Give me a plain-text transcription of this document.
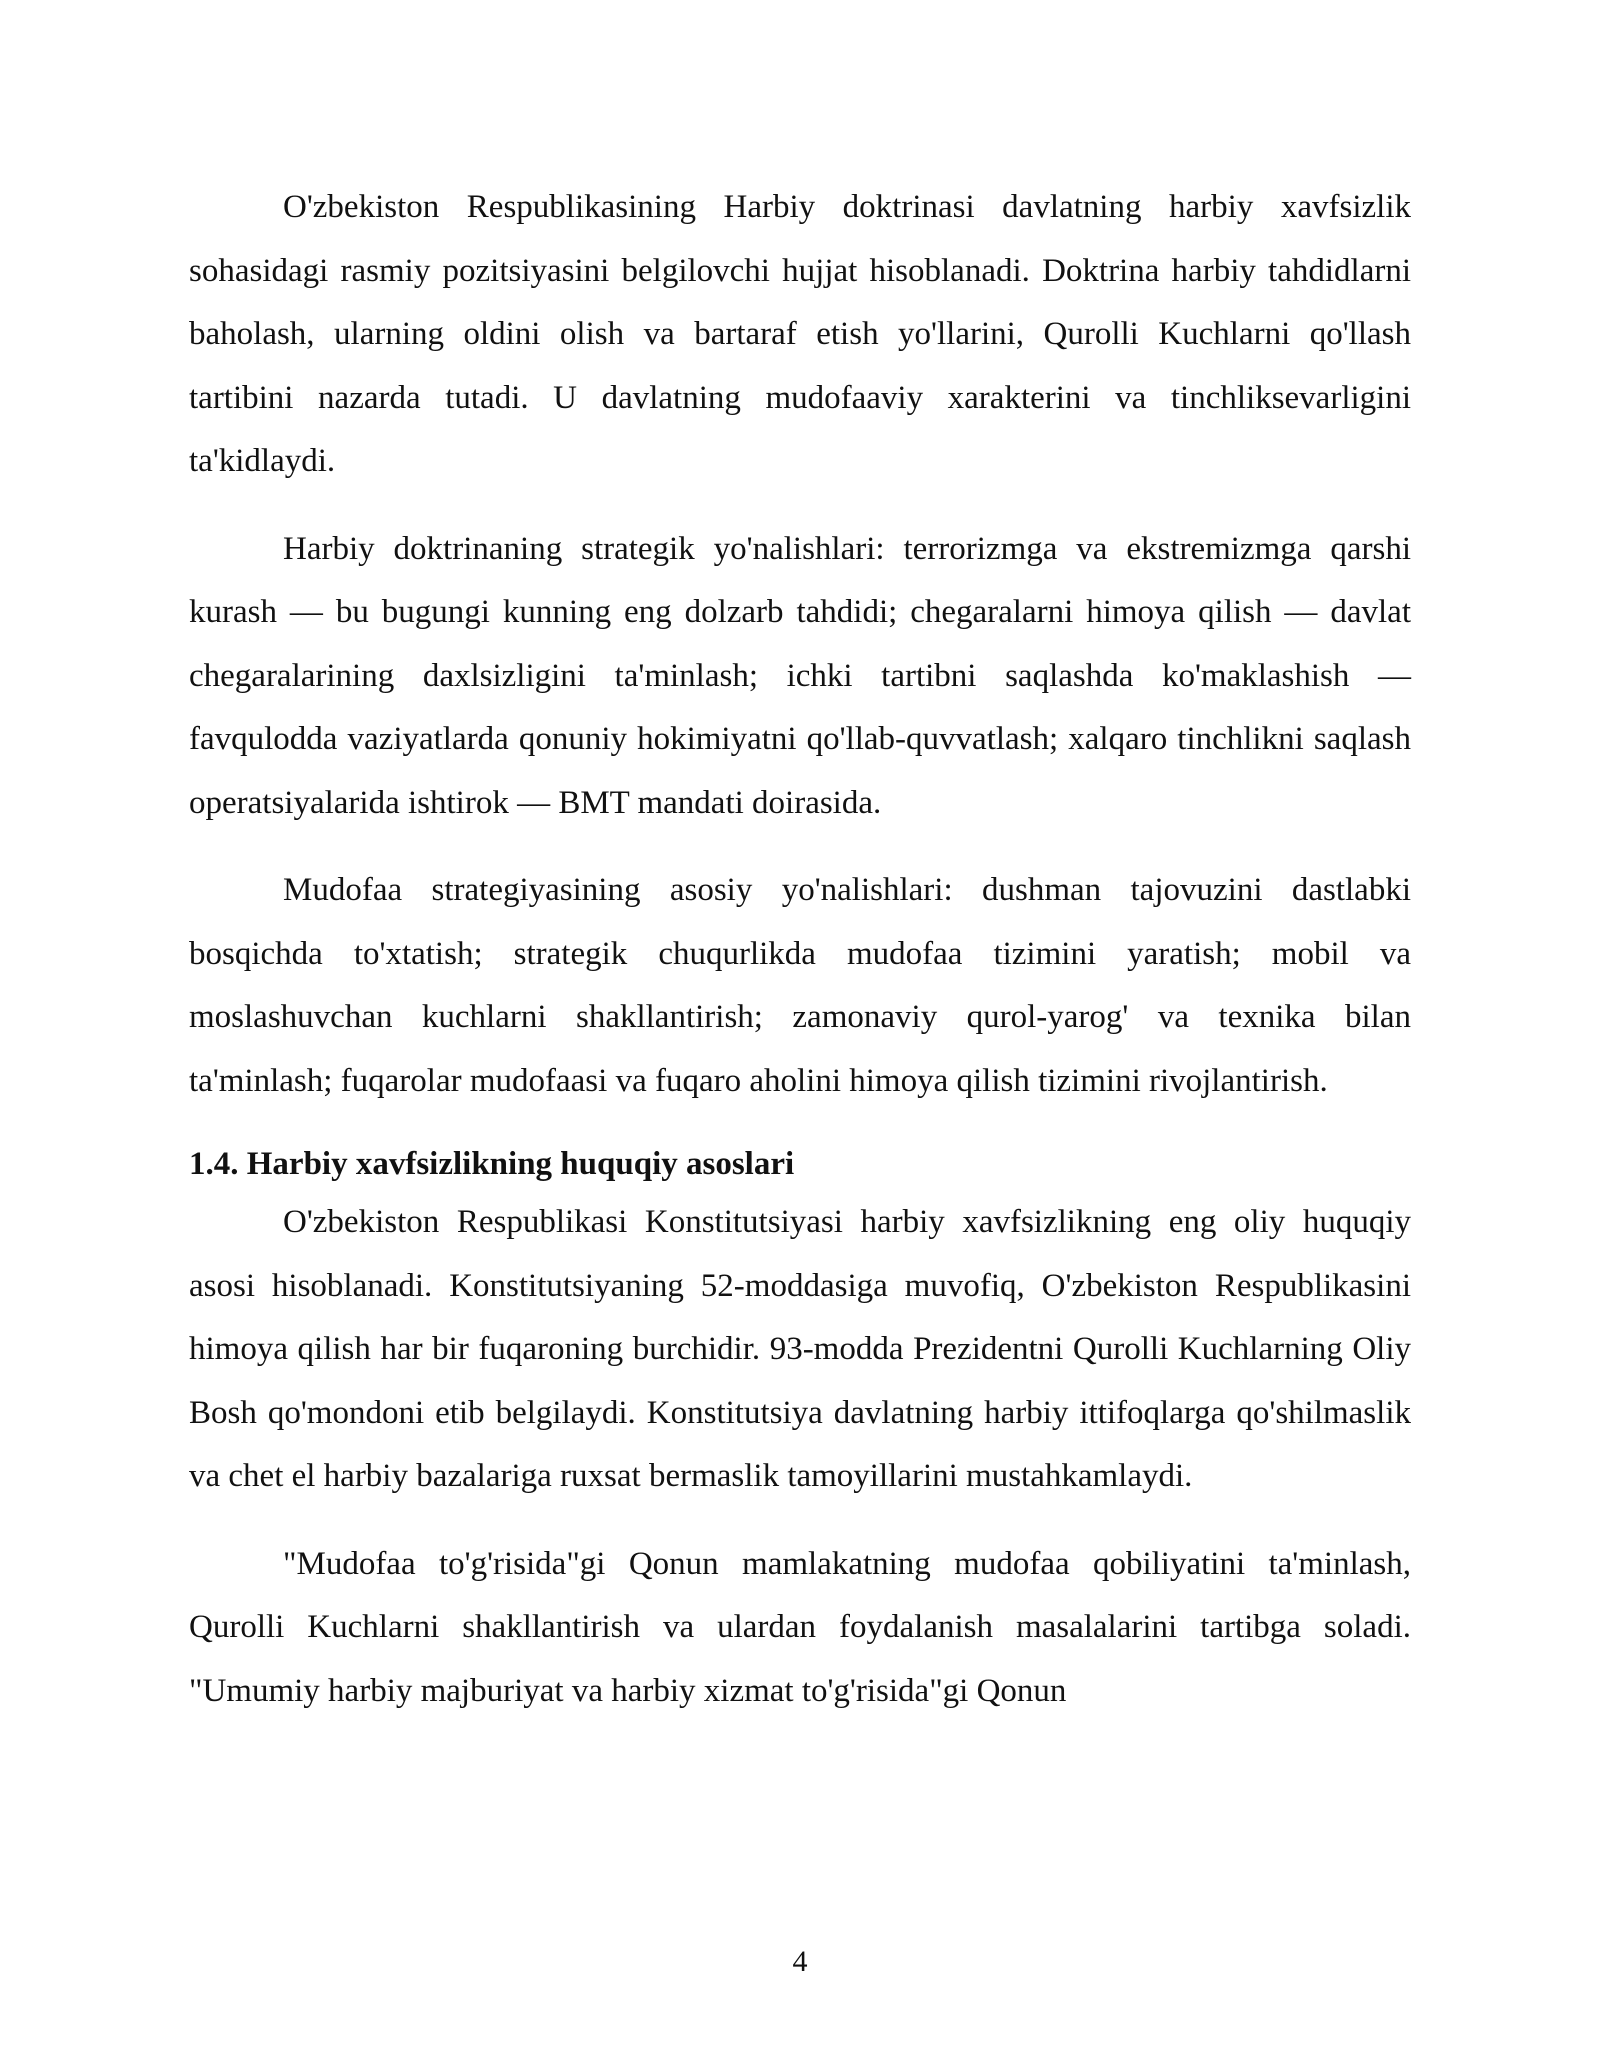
O'zbekiston Respublikasining Harbiy doktrinasi davlatning harbiy xavfsizlik sohasidagi rasmiy pozitsiyasini belgilovchi hujjat hisoblanadi. Doktrina harbiy tahdidlarni baholash, ularning oldini olish va bartaraf etish yo'llarini, Qurolli Kuchlarni qo'llash tartibini nazarda tutadi. U davlatning mudofaaviy xarakterini va tinchliksevarligini ta'kidlaydi.

Harbiy doktrinaning strategik yo'nalishlari: terrorizmga va ekstremizmga qarshi kurash — bu bugungi kunning eng dolzarb tahdidi; chegaralarni himoya qilish — davlat chegaralarining daxlsizligini ta'minlash; ichki tartibni saqlashda ko'maklashish — favqulodda vaziyatlarda qonuniy hokimiyatni qo'llab-quvvatlash; xalqaro tinchlikni saqlash operatsiyalarida ishtirok — BMT mandati doirasida.

Mudofaa strategiyasining asosiy yo'nalishlari: dushman tajovuzini dastlabki bosqichda to'xtatish; strategik chuqurlikda mudofaa tizimini yaratish; mobil va moslashuvchan kuchlarni shakllantirish; zamonaviy qurol-yarog' va texnika bilan ta'minlash; fuqarolar mudofaasi va fuqaro aholini himoya qilish tizimini rivojlantirish.

1.4. Harbiy xavfsizlikning huquqiy asoslari

O'zbekiston Respublikasi Konstitutsiyasi harbiy xavfsizlikning eng oliy huquqiy asosi hisoblanadi. Konstitutsiyaning 52-moddasiga muvofiq, O'zbekiston Respublikasini himoya qilish har bir fuqaroning burchidir. 93-modda Prezidentni Qurolli Kuchlarning Oliy Bosh qo'mondoni etib belgilaydi. Konstitutsiya davlatning harbiy ittifoqlarga qo'shilmaslik va chet el harbiy bazalariga ruxsat bermaslik tamoyillarini mustahkamlaydi.

"Mudofaa to'g'risida"gi Qonun mamlakatning mudofaa qobiliyatini ta'minlash, Qurolli Kuchlarni shakllantirish va ulardan foydalanish masalalarini tartibga soladi. "Umumiy harbiy majburiyat va harbiy xizmat to'g'risida"gi Qonun

4
